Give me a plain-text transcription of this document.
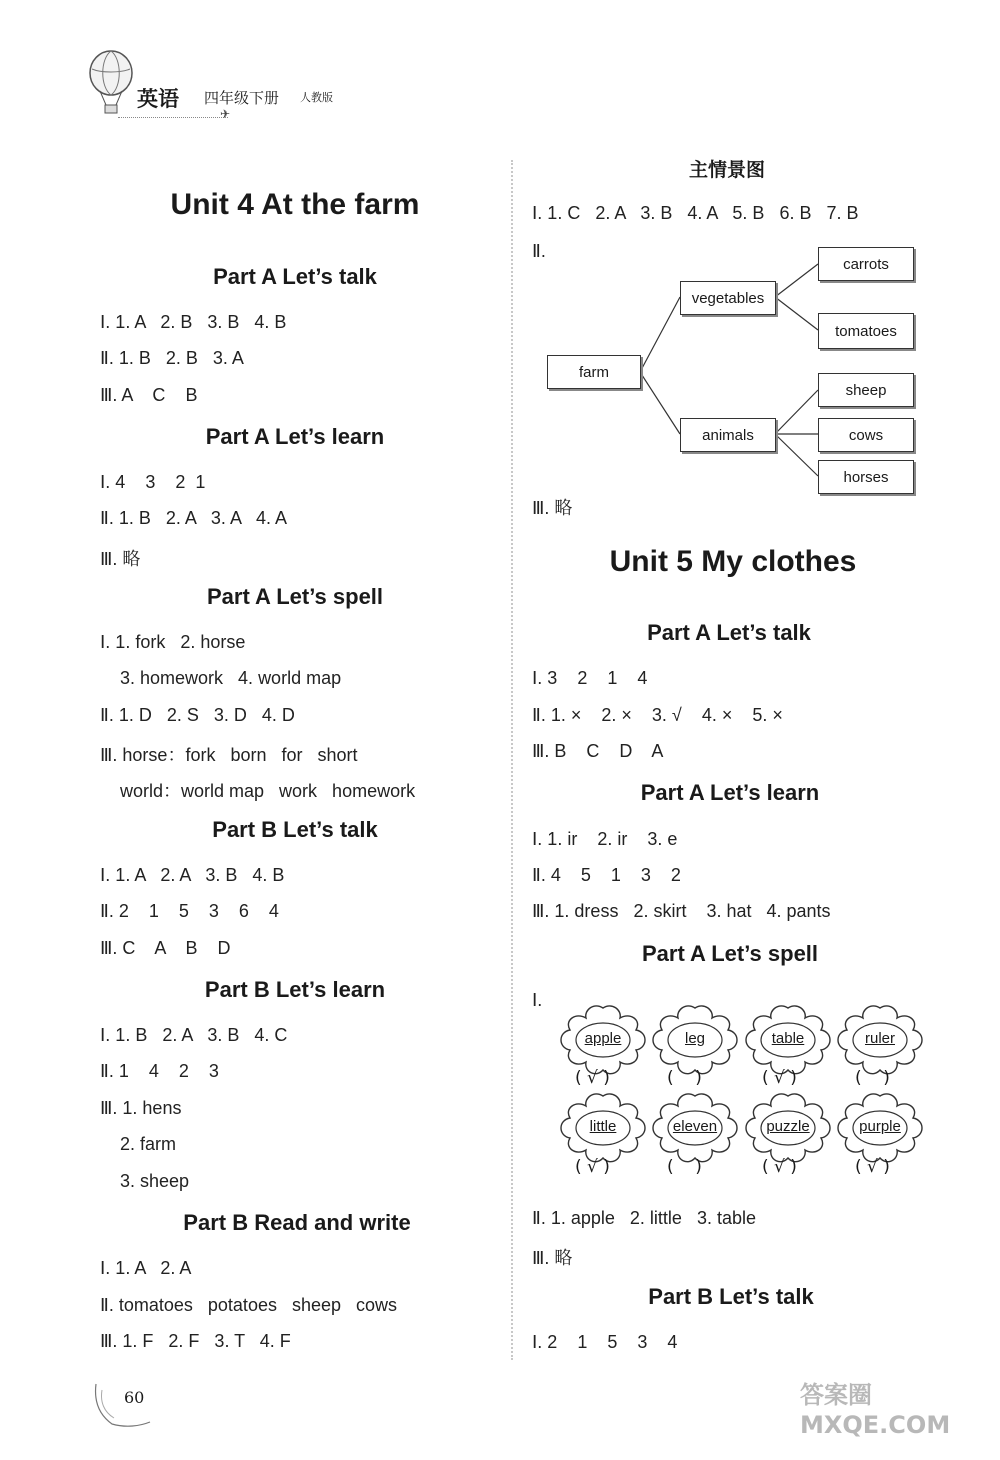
英语 四年级下册 人教版
✈
Unit 4 At the farm
Part A Let’s talk
Ⅰ. 1. A   2. B   3. B   4. B
Ⅱ. 1. B   2. B   3. A
Ⅲ. A    C    B
Part A Let’s learn
Ⅰ. 4    3    2  1
Ⅱ. 1. B   2. A   3. A   4. A
Ⅲ. 略
Part A Let’s spell
Ⅰ. 1. fork   2. horse
3. homework   4. world map
Ⅱ. 1. D   2. S   3. D   4. D
Ⅲ. horse：fork   born   for   short
world：world map   work   homework
Part B Let’s talk
Ⅰ. 1. A   2. A   3. B   4. B
Ⅱ. 2    1    5    3    6    4
Ⅲ. C    A    B    D
Part B Let’s learn
Ⅰ. 1. B   2. A   3. B   4. C
Ⅱ. 1    4    2    3
Ⅲ. 1. hens
2. farm
3. sheep
Part B Read and write
Ⅰ. 1. A   2. A
Ⅱ. tomatoes   potatoes   sheep   cows
Ⅲ. 1. F   2. F   3. T   4. F
主情景图
Ⅰ. 1. C   2. A   3. B   4. A   5. B   6. B   7. B
Ⅱ.
farm
vegetables
animals
carrots
tomatoes
sheep
cows
horses
Ⅲ. 略
Unit 5 My clothes
Part A Let’s talk
Ⅰ. 3    2    1    4
Ⅱ. 1. ×    2. ×    3. √    4. ×    5. ×
Ⅲ. B    C    D    A
Part A Let’s learn
Ⅰ. 1. ir    2. ir    3. e
Ⅱ. 4    5    1    3    2
Ⅲ. 1. dress   2. skirt    3. hat   4. pants
Part A Let’s spell
Ⅰ.
apple	leg	table	ruler
( √ )	(    )	( √ )	(    )
little	eleven	puzzle	purple
( √ )	(    )	( √ )	( √ )
Ⅱ. 1. apple   2. little   3. table
Ⅲ. 略
Part B Let’s talk
Ⅰ. 2    1    5    3    4
60	答案圈
MXQE.COM
